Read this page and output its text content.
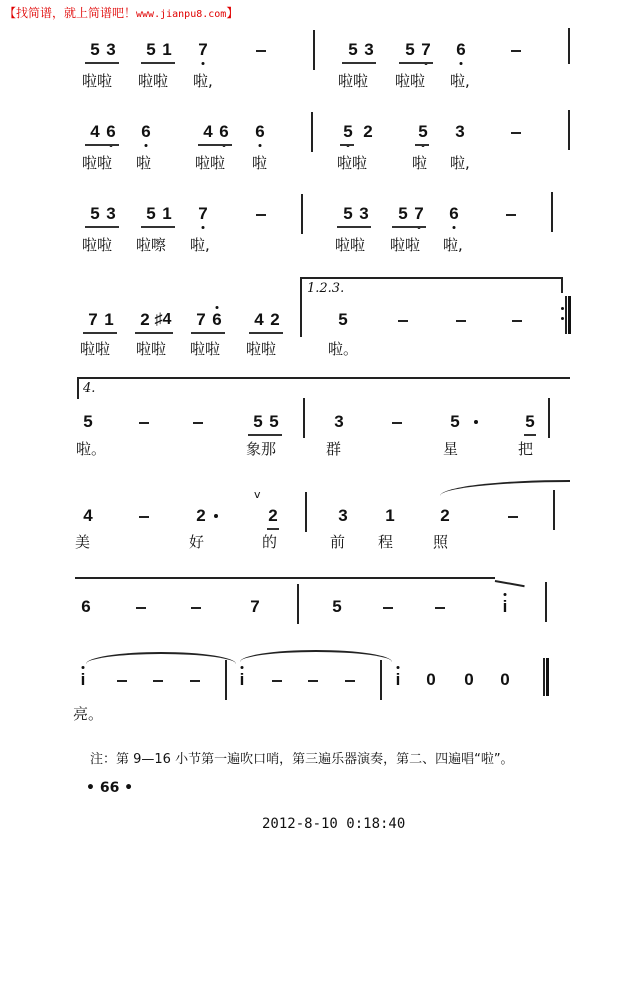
【找简谱，就上简谱吧！www.jianpu8.com】
5 3	5 1	7	5 3	5 7	6
啦啦 啦啦 啦,	啦啦 啦啦 啦,
4 6	6	4 6	6	5 2	5	3
啦啦 啦	啦啦 啦	啦啦	啦 啦,
5 3	5 1	7	5 3	5 7	6
啦啦 啦嚓 啦,	啦啦 啦啦 啦,
1.2.3.
7 1	2 ♯4	7 6	4 2	5
啦啦 啦啦 啦啦 啦啦	啦。
4.
5	5 5	3	5	5
啦。	象那	群	星	把
v
4	2	2	3	1	2
美	好	的	前 程	照
6	7	5	i
i	i	i	0	0	0
亮。
注：第 9—16 小节第一遍吹口哨，第三遍乐器演奏，第二、四遍唱“啦”。
• 66 •
2012-8-10 0:18:40
